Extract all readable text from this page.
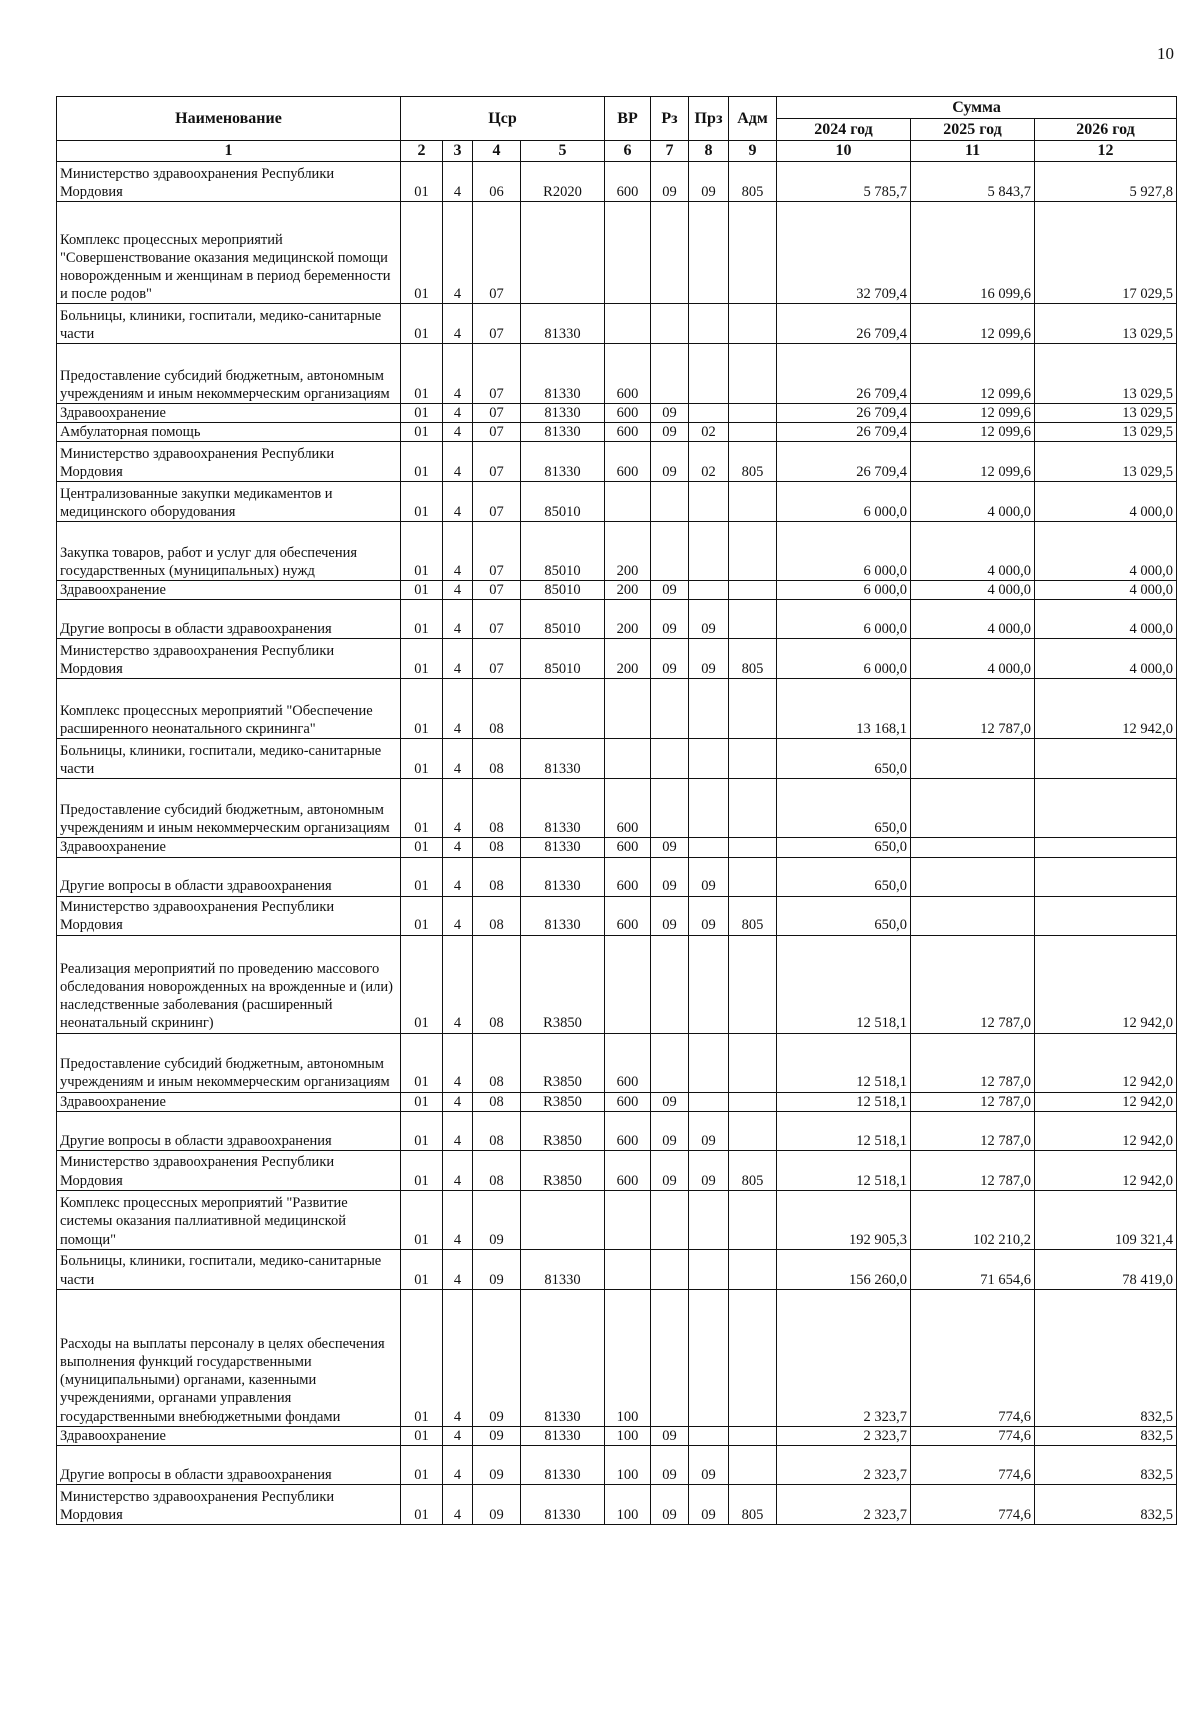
10
Наименование	Цср				ВР	Рз	Прз	Адм	Сумма		
									2024 год	2025 год	2026 год
1	2	3	4	5	6	7	8	9	10	11	12
Министерство здравоохранения Республики Мордовия	01	4	06	R2020	600	09	09	805	5 785,7	5 843,7	5 927,8
Комплекс процессных мероприятий "Совершенствование оказания медицинской помощи новорожденным и женщинам в период беременности и после родов"	01	4	07						32 709,4	16 099,6	17 029,5
Больницы, клиники, госпитали, медико-санитарные части	01	4	07	81330					26 709,4	12 099,6	13 029,5
Предоставление субсидий бюджетным, автономным учреждениям и иным некоммерческим организациям	01	4	07	81330	600				26 709,4	12 099,6	13 029,5
Здравоохранение	01	4	07	81330	600	09			26 709,4	12 099,6	13 029,5
Амбулаторная помощь	01	4	07	81330	600	09	02		26 709,4	12 099,6	13 029,5
Министерство здравоохранения Республики Мордовия	01	4	07	81330	600	09	02	805	26 709,4	12 099,6	13 029,5
Централизованные закупки медикаментов и медицинского оборудования	01	4	07	85010					6 000,0	4 000,0	4 000,0
Закупка товаров, работ и услуг для обеспечения государственных (муниципальных) нужд	01	4	07	85010	200				6 000,0	4 000,0	4 000,0
Здравоохранение	01	4	07	85010	200	09			6 000,0	4 000,0	4 000,0
Другие вопросы в области здравоохранения	01	4	07	85010	200	09	09		6 000,0	4 000,0	4 000,0
Министерство здравоохранения Республики Мордовия	01	4	07	85010	200	09	09	805	6 000,0	4 000,0	4 000,0
Комплекс процессных мероприятий "Обеспечение расширенного неонатального скрининга"	01	4	08						13 168,1	12 787,0	12 942,0
Больницы, клиники, госпитали, медико-санитарные части	01	4	08	81330					650,0		
Предоставление субсидий бюджетным, автономным учреждениям и иным некоммерческим организациям	01	4	08	81330	600				650,0		
Здравоохранение	01	4	08	81330	600	09			650,0		
Другие вопросы в области здравоохранения	01	4	08	81330	600	09	09		650,0		
Министерство здравоохранения Республики Мордовия	01	4	08	81330	600	09	09	805	650,0		
Реализация мероприятий по проведению массового обследования новорожденных на врожденные и (или) наследственные заболевания (расширенный неонатальный скрининг)	01	4	08	R3850					12 518,1	12 787,0	12 942,0
Предоставление субсидий бюджетным, автономным учреждениям и иным некоммерческим организациям	01	4	08	R3850	600				12 518,1	12 787,0	12 942,0
Здравоохранение	01	4	08	R3850	600	09			12 518,1	12 787,0	12 942,0
Другие вопросы в области здравоохранения	01	4	08	R3850	600	09	09		12 518,1	12 787,0	12 942,0
Министерство здравоохранения Республики Мордовия	01	4	08	R3850	600	09	09	805	12 518,1	12 787,0	12 942,0
Комплекс процессных мероприятий "Развитие системы оказания паллиативной медицинской помощи"	01	4	09						192 905,3	102 210,2	109 321,4
Больницы, клиники, госпитали, медико-санитарные части	01	4	09	81330					156 260,0	71 654,6	78 419,0
Расходы на выплаты персоналу в целях обеспечения выполнения функций государственными (муниципальными) органами, казенными учреждениями, органами управления государственными внебюджетными фондами	01	4	09	81330	100				2 323,7	774,6	832,5
Здравоохранение	01	4	09	81330	100	09			2 323,7	774,6	832,5
Другие вопросы в области здравоохранения	01	4	09	81330	100	09	09		2 323,7	774,6	832,5
Министерство здравоохранения Республики Мордовия	01	4	09	81330	100	09	09	805	2 323,7	774,6	832,5
